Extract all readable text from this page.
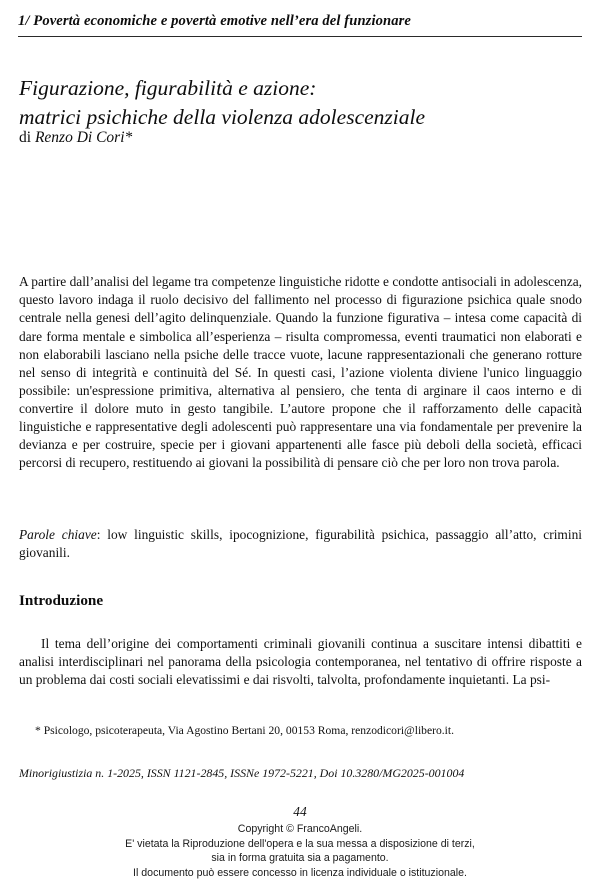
1/ Povertà economiche e povertà emotive nell’era del funzionare
Figurazione, figurabilità e azione:
matrici psichiche della violenza adolescenziale
di Renzo Di Cori*

A partire dall’analisi del legame tra competenze linguistiche ridotte e condotte antisociali in adolescenza, questo lavoro indaga il ruolo decisivo del fallimento nel processo di figurazione psichica quale snodo centrale nella genesi dell’agito delinquenziale. Quando la funzione figurativa – intesa come capacità di dare forma mentale e simbolica all’esperienza – risulta compromessa, eventi traumatici non elaborati e non elaborabili lasciano nella psiche delle tracce vuote, lacune rappresentazionali che generano rotture nel senso di integrità e continuità del Sé. In questi casi, l’azione violenta diviene l'unico linguaggio possibile: un'espressione primitiva, alternativa al pensiero, che tenta di arginare il caos interno e di convertire il dolore muto in gesto tangibile. L’autore propone che il rafforzamento delle capacità linguistiche e rappresentative degli adolescenti può rappresentare una via fondamentale per prevenire la devianza e per costruire, specie per i giovani appartenenti alle fasce più deboli della società, efficaci percorsi di recupero, restituendo ai giovani la possibilità di pensare ciò che per loro non trova parola.

Parole chiave: low linguistic skills, ipocognizione, figurabilità psichica, passaggio all’atto, crimini giovanili.

Introduzione

Il tema dell’origine dei comportamenti criminali giovanili continua a suscitare intensi dibattiti e analisi interdisciplinari nel panorama della psicologia contemporanea, nel tentativo di offrire risposte a un problema dai costi sociali elevatissimi e dai risvolti, talvolta, profondamente inquietanti. La psi-

* Psicologo, psicoterapeuta, Via Agostino Bertani 20, 00153 Roma, renzodicori@libero.it.
Minorigiustizia n. 1-2025, ISSN 1121-2845, ISSNe 1972-5221, Doi 10.3280/MG2025-001004
44
Copyright © FrancoAngeli.
E' vietata la Riproduzione dell'opera e la sua messa a disposizione di terzi,
sia in forma gratuita sia a pagamento.
Il documento può essere concesso in licenza individuale o istituzionale.
